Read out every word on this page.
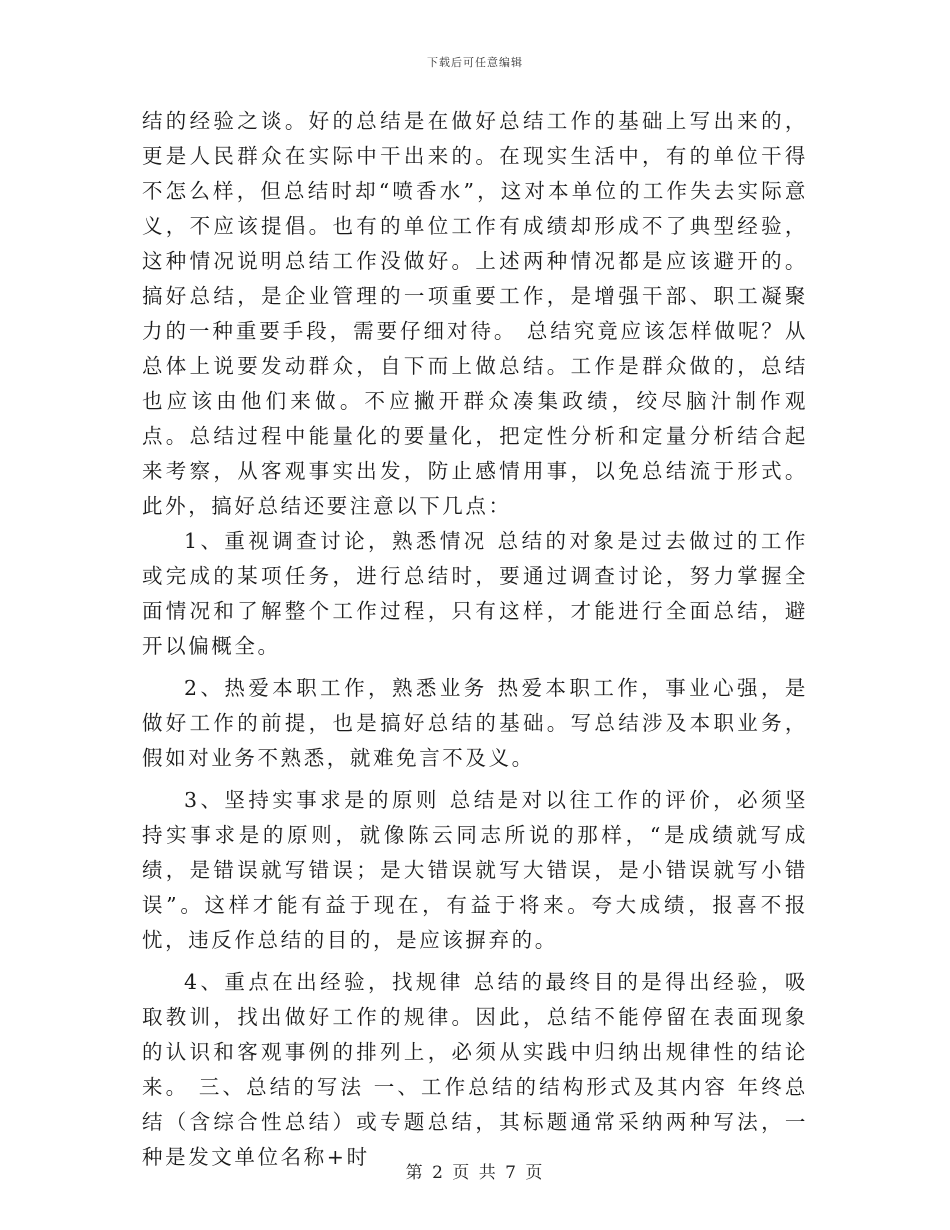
下载后可任意编辑

结的经验之谈。好的总结是在做好总结工作的基础上写出来的，更是人民群众在实际中干出来的。在现实生活中，有的单位干得不怎么样，但总结时却“喷香水”，这对本单位的工作失去实际意义，不应该提倡。也有的单位工作有成绩却形成不了典型经验，这种情况说明总结工作没做好。上述两种情况都是应该避开的。搞好总结，是企业管理的一项重要工作，是增强干部、职工凝聚力的一种重要手段，需要仔细对待。 总结究竟应该怎样做呢？从总体上说要发动群众，自下而上做总结。工作是群众做的，总结也应该由他们来做。不应撇开群众凑集政绩，绞尽脑汁制作观点。总结过程中能量化的要量化，把定性分析和定量分析结合起来考察，从客观事实出发，防止感情用事，以免总结流于形式。 此外，搞好总结还要注意以下几点：

1、重视调查讨论，熟悉情况 总结的对象是过去做过的工作或完成的某项任务，进行总结时，要通过调查讨论，努力掌握全面情况和了解整个工作过程，只有这样，才能进行全面总结，避开以偏概全。

2、热爱本职工作，熟悉业务 热爱本职工作，事业心强，是做好工作的前提，也是搞好总结的基础。写总结涉及本职业务，假如对业务不熟悉，就难免言不及义。

3、坚持实事求是的原则 总结是对以往工作的评价，必须坚持实事求是的原则，就像陈云同志所说的那样，“是成绩就写成绩，是错误就写错误；是大错误就写大错误，是小错误就写小错误”。这样才能有益于现在，有益于将来。夸大成绩，报喜不报忧，违反作总结的目的，是应该摒弃的。

4、重点在出经验，找规律 总结的最终目的是得出经验，吸取教训，找出做好工作的规律。因此，总结不能停留在表面现象的认识和客观事例的排列上，必须从实践中归纳出规律性的结论来。 三、总结的写法 一、工作总结的结构形式及其内容 年终总结（含综合性总结）或专题总结，其标题通常采纳两种写法，一种是发文单位名称+时

第 2 页 共 7 页
